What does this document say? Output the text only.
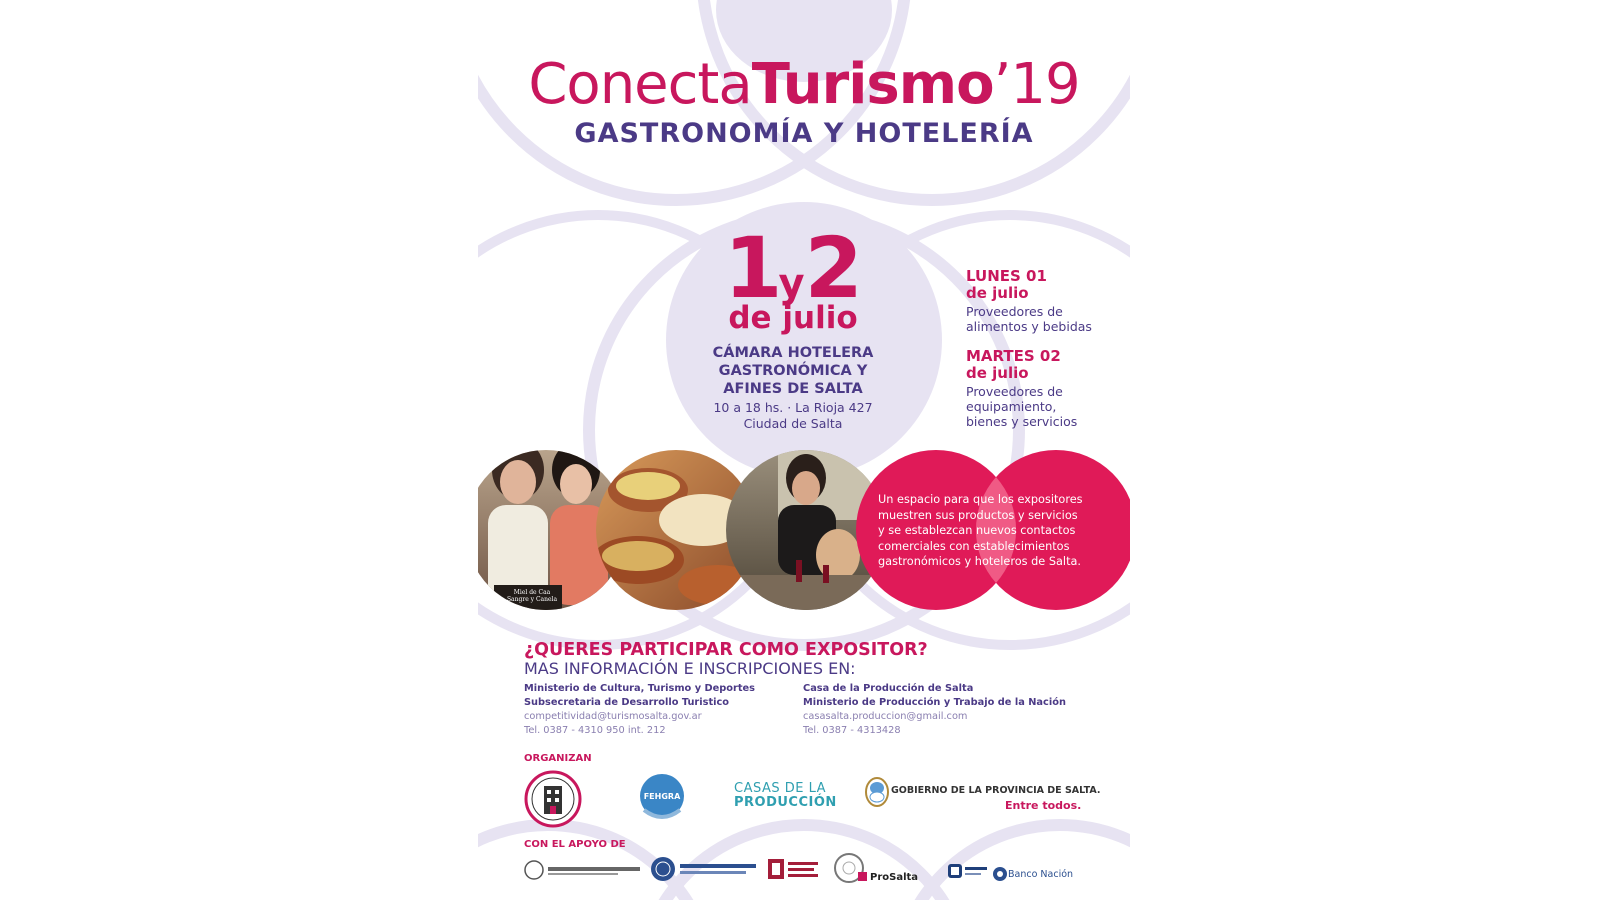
Miel de Caa
Sangre y Canela
ConectaTurismo’19
GASTRONOMÍA Y HOTELERÍA
1y2
de julio
CÁMARA HOTELERA
GASTRONÓMICA Y
AFINES DE SALTA
10 a 18 hs. · La Rioja 427
Ciudad de Salta
LUNES 01
de julio
Proveedores de
alimentos y bebidas
MARTES 02
de julio
Proveedores de
equipamiento,
bienes y servicios
Un espacio para que los expositores
muestren sus productos y servicios
y se establezcan nuevos contactos
comerciales con establecimientos
gastronómicos y hoteleros de Salta.
¿QUERES PARTICIPAR COMO EXPOSITOR?
MAS INFORMACIÓN E INSCRIPCIONES EN:
Ministerio de Cultura, Turismo y Deportes
Subsecretaria de Desarrollo Turistico
competitividad@turismosalta.gov.ar
Tel. 0387 - 4310 950 int. 212
Casa de la Producción de Salta
Ministerio de Producción y Trabajo de la Nación
casasalta.produccion@gmail.com
Tel. 0387 - 4313428
ORGANIZAN
FEHGRA
CASAS DE LA
PRODUCCIÓN
GOBIERNO DE LA PROVINCIA DE SALTA.
Entre todos.
CON EL APOYO DE
ProSalta	Banco Nación
